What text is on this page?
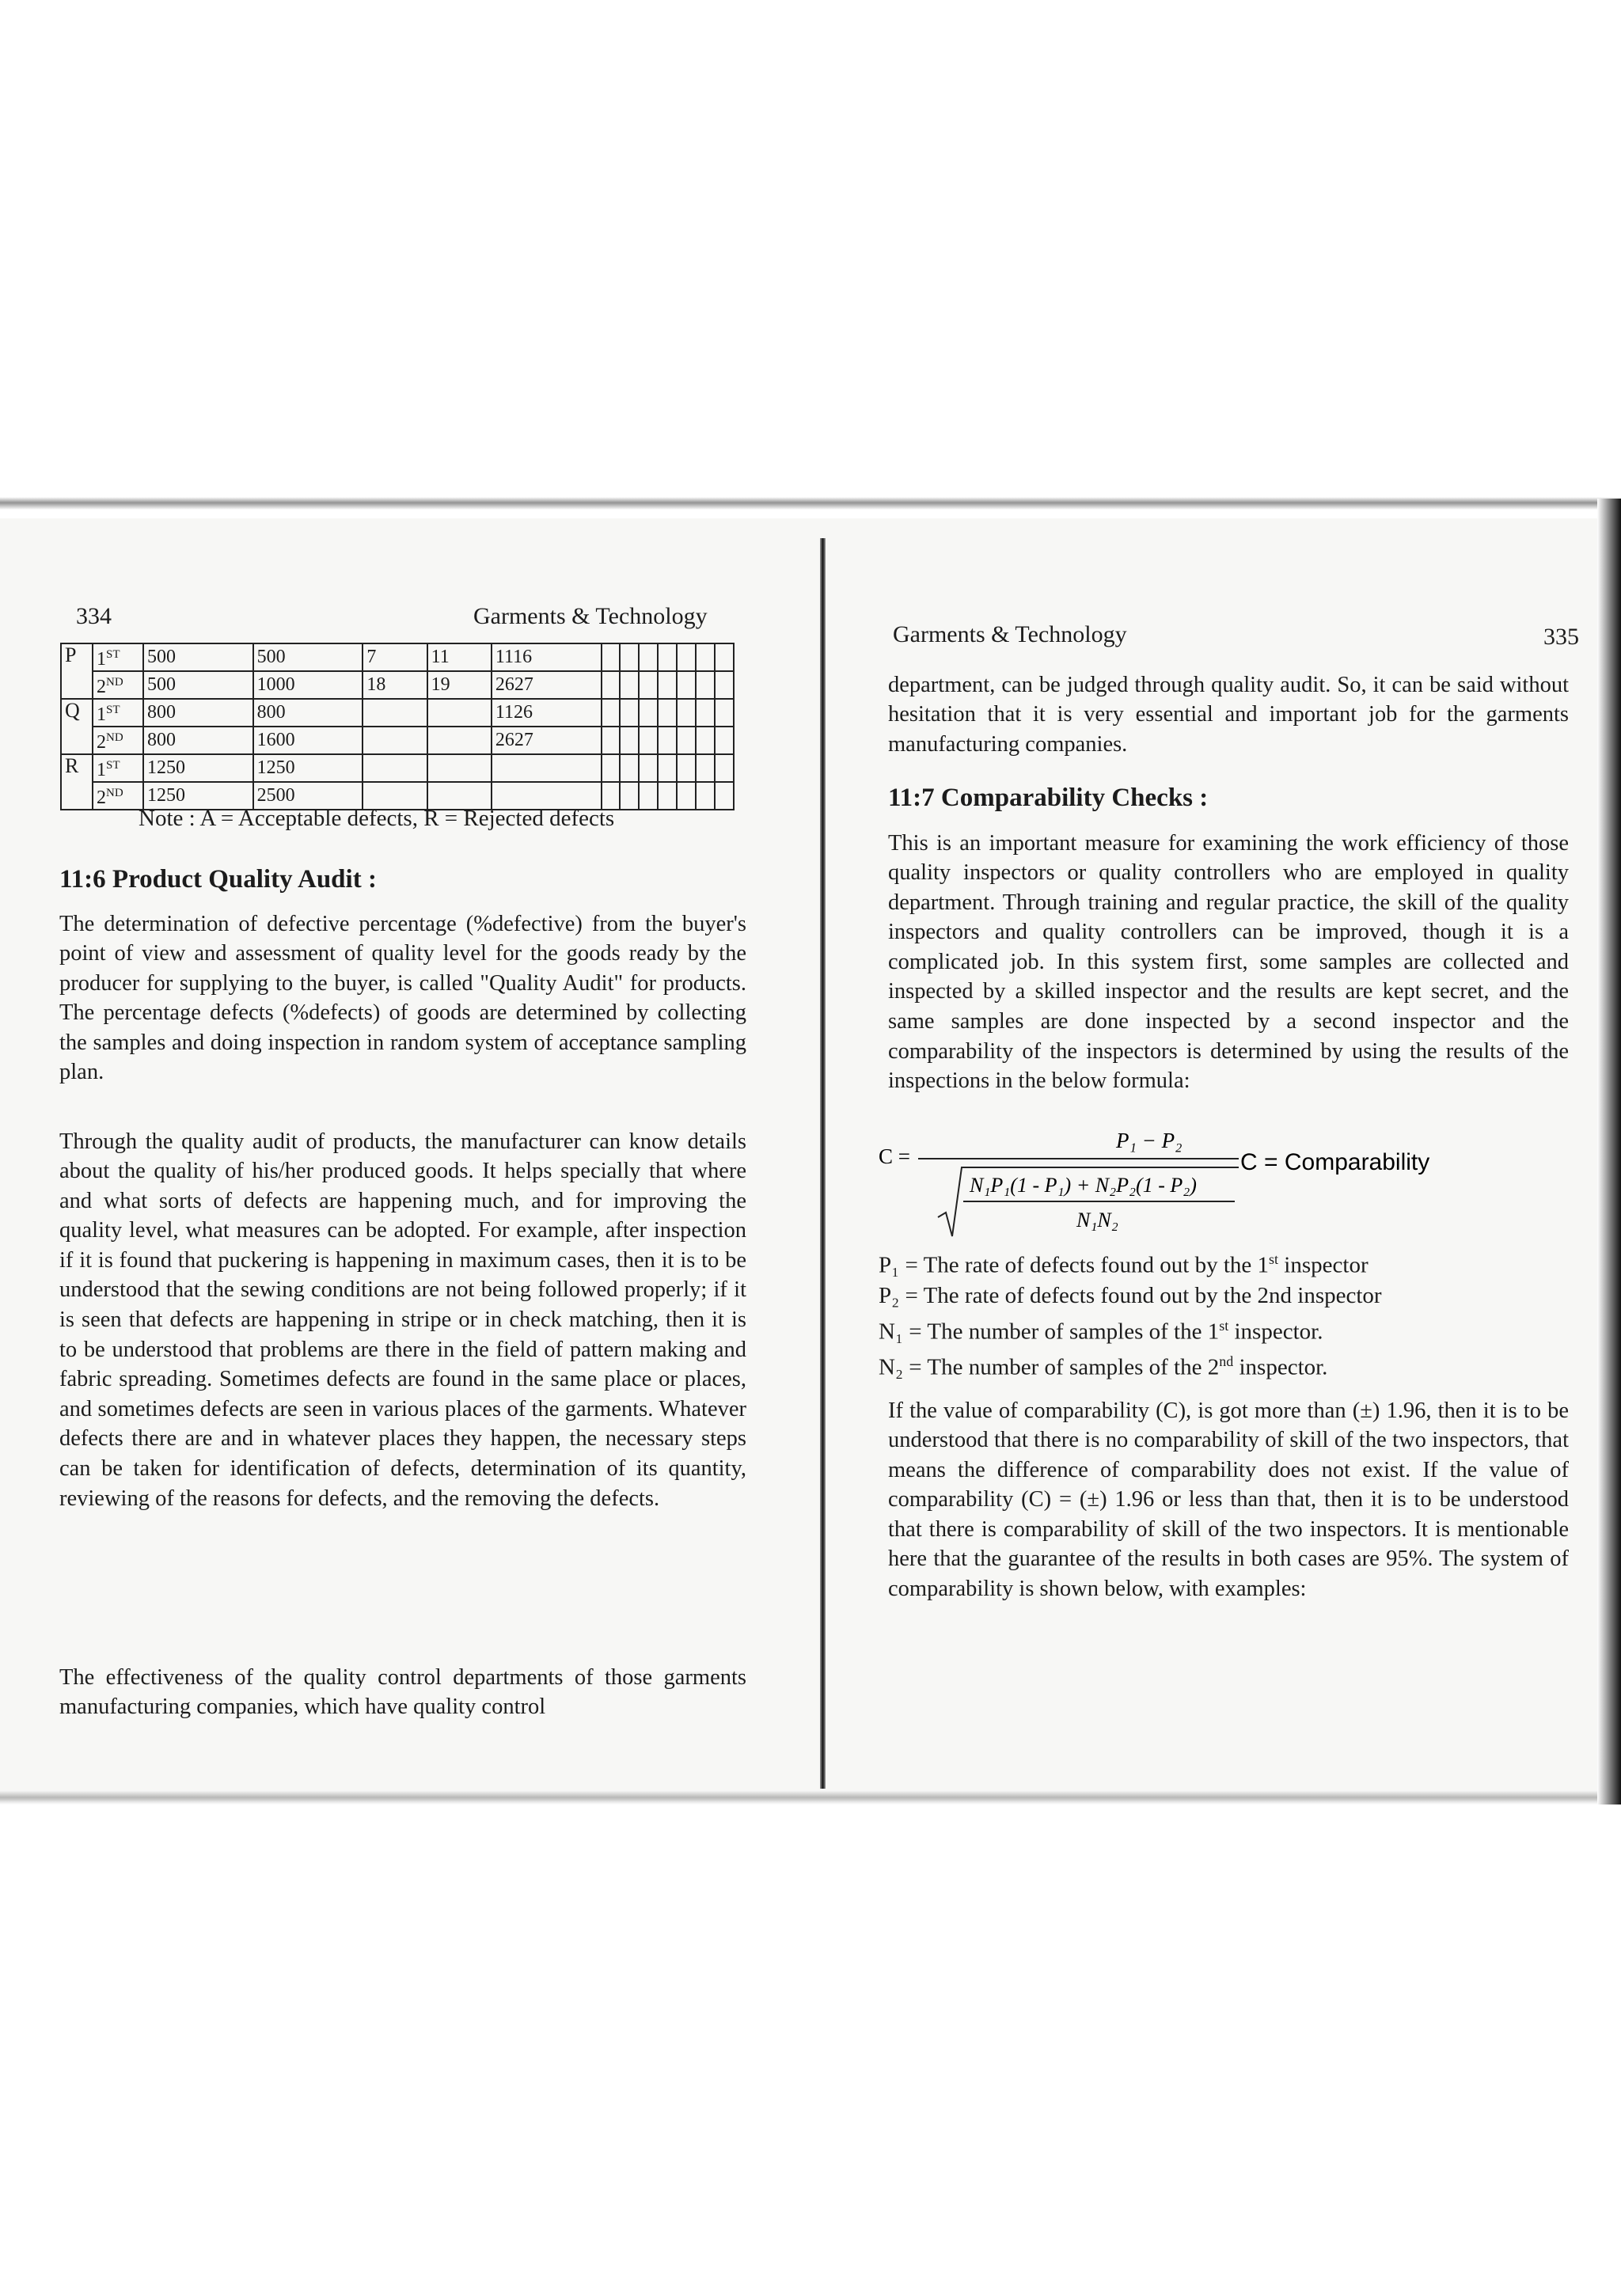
334	Garments & Technology
P	1ST	500	500	7	11	1116							
	2ND	500	1000	18	19	2627							
Q	1ST	800	800			1126							
	2ND	800	1600			2627							
R	1ST	1250	1250										
	2ND	1250	2500										
Note : A = Acceptable defects, R = Rejected defects
11:6 Product Quality Audit :

The determination of defective percentage (%defective) from the buyer's point of view and assessment of quality level for the goods ready by the producer for supplying to the buyer, is called "Quality Audit" for products. The percentage defects (%defects) of goods are determined by collecting the samples and doing inspection in random system of acceptance sampling plan.

Through the quality audit of products, the manufacturer can know details about the quality of his/her produced goods. It helps specially that where and what sorts of defects are happening much, and for improving the quality level, what measures can be adopted. For example, after inspection if it is found that puckering is happening in maximum cases, then it is to be understood that the sewing conditions are not being followed properly; if it is seen that defects are happening in stripe or in check matching, then it is to be understood that problems are there in the field of pattern making and fabric spreading. Sometimes defects are found in the same place or places, and sometimes defects are seen in various places of the garments. Whatever defects there are and in whatever places they happen, the necessary steps can be taken for identification of defects, determination of its quantity, reviewing of the reasons for defects, and the removing the defects.

The effectiveness of the quality control departments of those garments manufacturing companies, which have quality control

Garments & Technology	335

department, can be judged through quality audit. So, it can be said without hesitation that it is very essential and important job for the garments manufacturing companies.

11:7 Comparability Checks :

This is an important measure for examining the work efficiency of those quality inspectors or quality controllers who are employed in quality department. Through training and regular practice, the skill of the quality inspectors and quality controllers can be improved, though it is a complicated job. In this system first, some samples are collected and inspected by a skilled inspector and the results are kept secret, and the same samples are done inspected by a second inspector and the comparability of the inspectors is determined by using the results of the inspections in the below formula:

C =
P₁ − P₂
N₁P₁(1 - P₁) + N₂P₂(1 - P₂)
N₁N₂
C = Comparability
P₁ = The rate of defects found out by the 1st inspector
P₂ = The rate of defects found out by the 2nd inspector
N₁ = The number of samples of the 1st inspector.
N₂ = The number of samples of the 2nd inspector.

If the value of comparability (C), is got more than (±) 1.96, then it is to be understood that there is no comparability of skill of the two inspectors, that means the difference of comparability does not exist. If the value of comparability (C) = (±) 1.96 or less than that, then it is to be understood that there is comparability of skill of the two inspectors. It is mentionable here that the guarantee of the results in both cases are 95%. The system of comparability is shown below, with examples:
